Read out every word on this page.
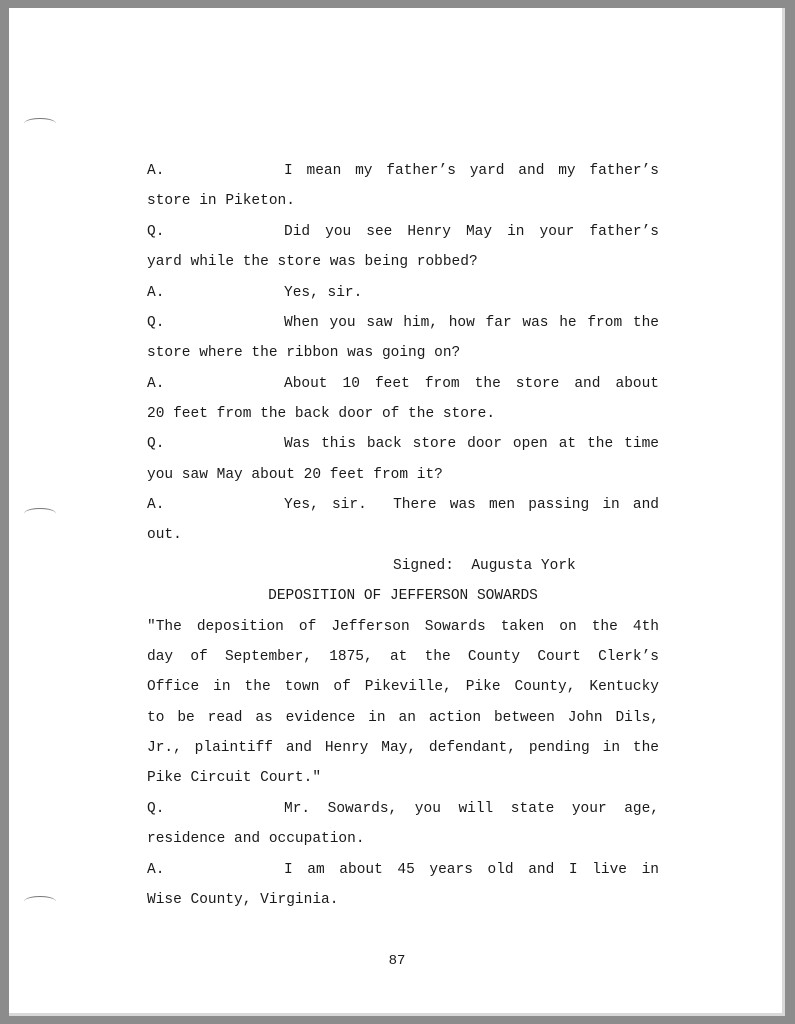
A.	I mean my father’s yard and my father’s
store in Piketon.
Q.	Did you see Henry May in your father’s
yard while the store was being robbed?
A.	Yes, sir.
Q.	When you saw him, how far was he from the
store where the ribbon was going on?
A.	About 10 feet from the store and about
20 feet from the back door of the store.
Q.	Was this back store door open at the time
you saw May about 20 feet from it?
A.	Yes, sir.  There was men passing in and
out.
Signed:  Augusta York
DEPOSITION OF JEFFERSON SOWARDS
"The deposition of Jefferson Sowards taken on the 4th
day of September, 1875, at the County Court Clerk’s
Office in the town of Pikeville, Pike County, Kentucky
to be read as evidence in an action between John Dils,
Jr., plaintiff and Henry May, defendant, pending in the
Pike Circuit Court."
Q.	Mr. Sowards, you will state your age,
residence and occupation.
A.	I am about 45 years old and I live in
Wise County, Virginia.
87
